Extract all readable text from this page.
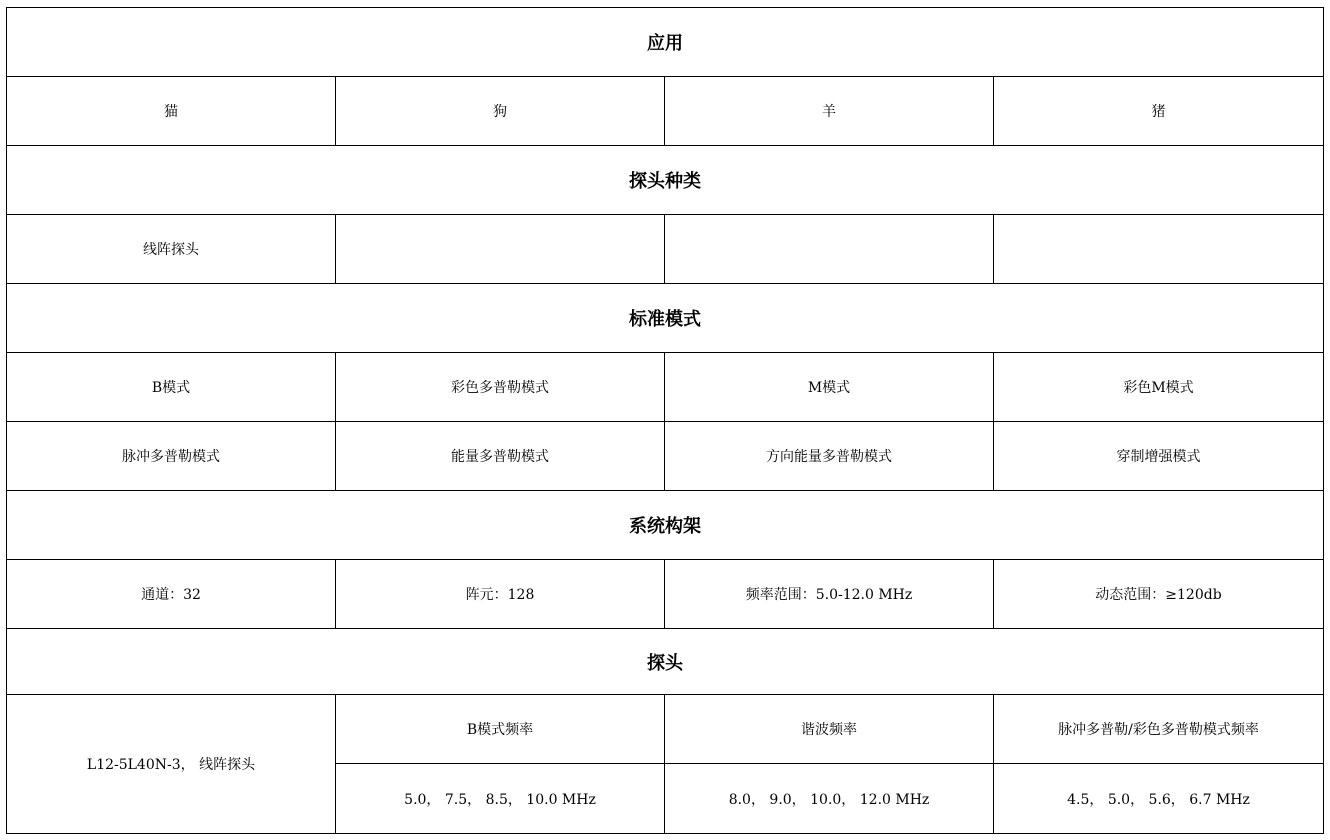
应用			
猫	狗	羊	猪
探头种类			
线阵探头			
标准模式			
B模式	彩色多普勒模式	M模式	彩色M模式
脉冲多普勒模式	能量多普勒模式	方向能量多普勒模式	穿制增强模式
系统构架			
通道：32	阵元：128	频率范围：5.0-12.0 MHz	动态范围：≥120db
探头			
L12-5L40N-3， 线阵探头	B模式频率	谐波频率	脉冲多普勒/彩色多普勒模式频率
	5.0， 7.5， 8.5， 10.0 MHz	8.0， 9.0， 10.0， 12.0 MHz	4.5， 5.0， 5.6， 6.7 MHz
